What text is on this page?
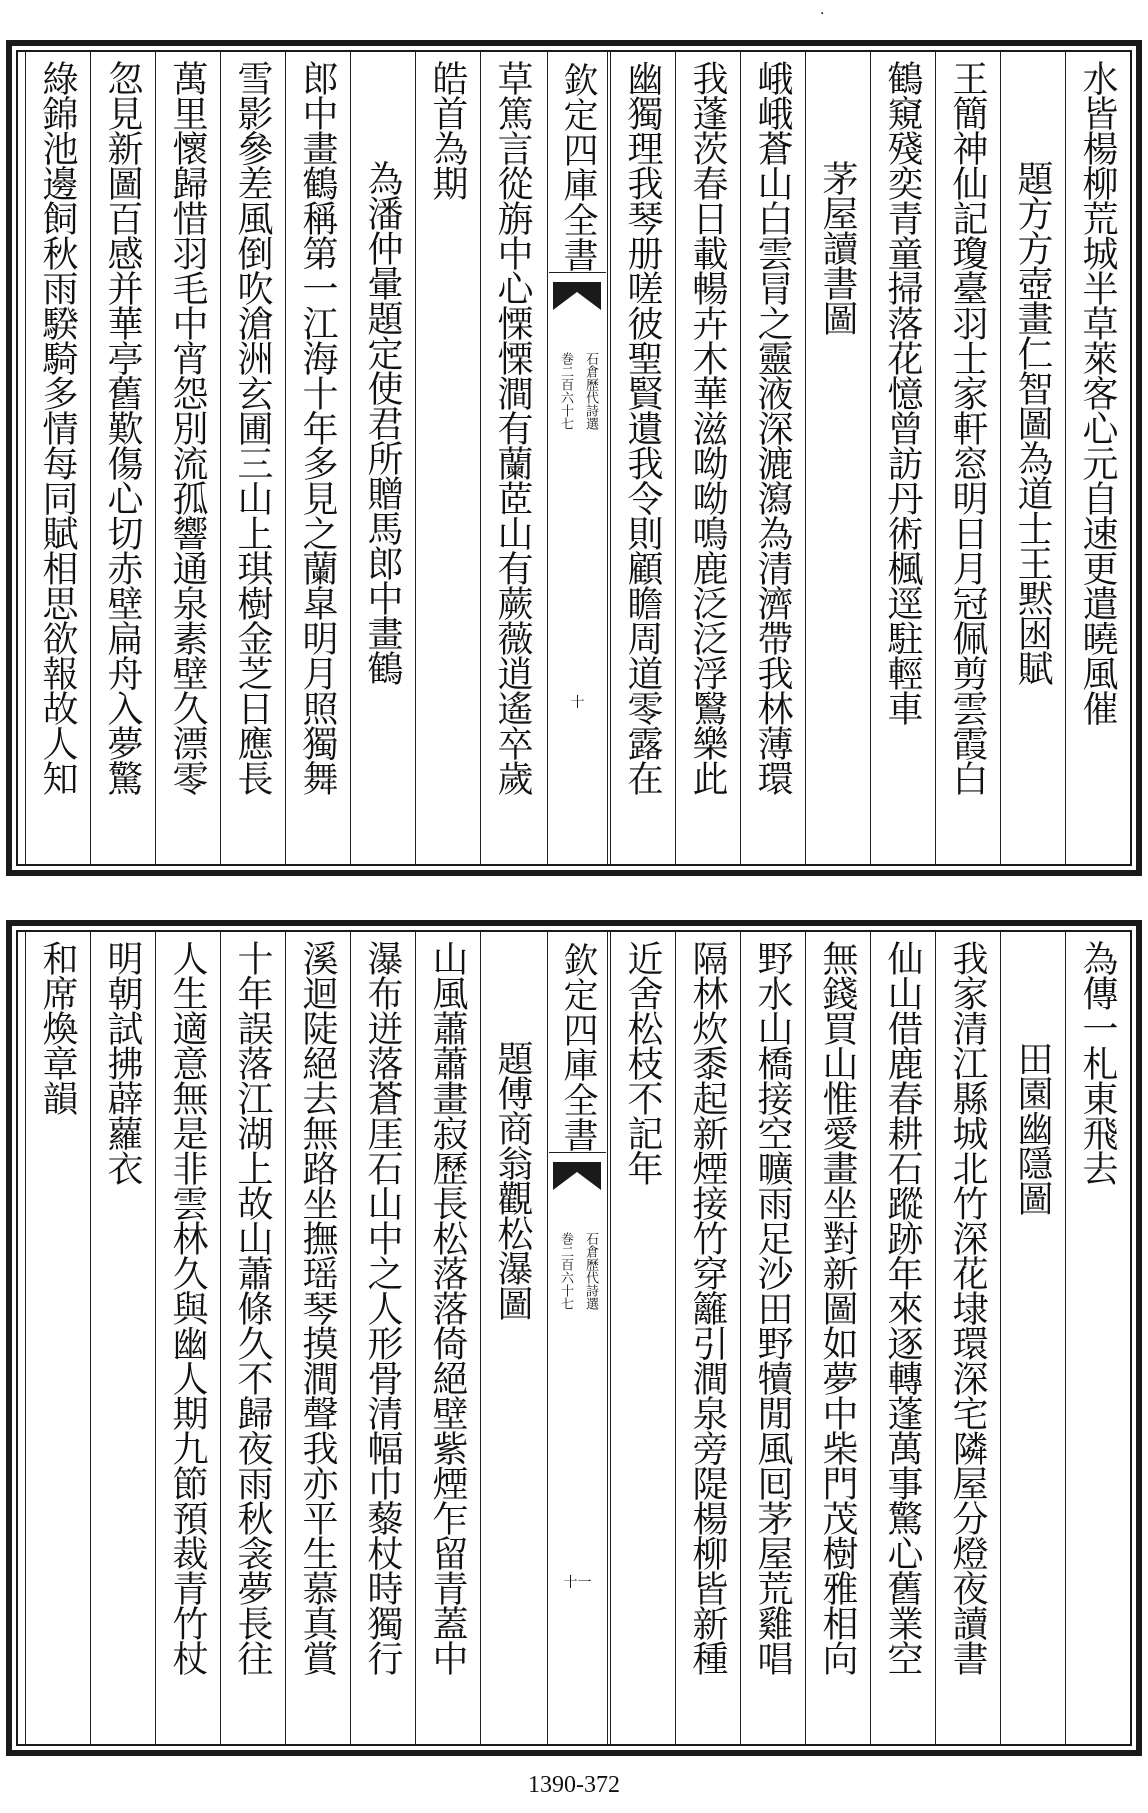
·
水皆楊柳荒城半草萊客心元自速更遣曉風催
題方方壺畫仁智圖為道士王黙囦賦
王簡神仙記瓊臺羽士家軒窓明日月冠佩剪雲霞白
鶴窺殘奕青童掃落花憶曾訪丹術楓逕駐輕車
茅屋讀書圖
峨峨蒼山白雲冐之靈液深漉瀉為清濟帶我林薄環
我蓬茨春日載暢卉木華滋呦呦鳴鹿泛泛浮鷖樂此
幽獨理我琴册嗟彼聖賢遺我令則顧瞻周道零露在
欽定四庫全書
巻二百六十七 石倉歷代詩選
十
草篤言從旃中心慄慄澗有蘭茝山有蕨薇逍遙卒歲
皓首為期
為潘仲暈題定使君所贈馬郎中畫鶴
郎中畫鶴稱第一江海十年多見之蘭皐明月照獨舞
雪影參差風倒吹滄洲玄圃三山上琪樹金芝日應長
萬里懷歸惜羽毛中宵怨別流孤響通泉素壁久漂零
忽見新圖百感并華亭舊歎傷心切赤壁扁舟入夢驚
綠錦池邊飼秋雨騤騎多情每同賦相思欲報故人知
為傳一札東飛去
田園幽隱圖
我家清江縣城北竹深花埭環深宅隣屋分燈夜讀書
仙山借鹿春耕石蹤跡年來逐轉蓬萬事驚心舊業空
無錢買山惟愛畫坐對新圖如夢中柴門茂樹雅相向
野水山橋接空曠雨足沙田野犢閒風囘茅屋荒雞唱
隔林炊黍起新煙接竹穿籬引澗泉旁隄楊柳皆新種
近舍松枝不記年
欽定四庫全書
巻二百六十七 石倉歷代詩選
十一
題傅商翁觀松瀑圖
山風蕭蕭畫寂歷長松落落倚絕壁紫煙乍留青蓋中
瀑布迸落蒼厓石山中之人形骨清幅巾藜杖時獨行
溪迴陡絕去無路坐撫瑶琴摸澗聲我亦平生慕真賞
十年誤落江湖上故山蕭條久不歸夜雨秋衾夢長往
人生適意無是非雲林久與幽人期九節預裁青竹杖
明朝試拂薜蘿衣
和席煥章韻
1390-372
